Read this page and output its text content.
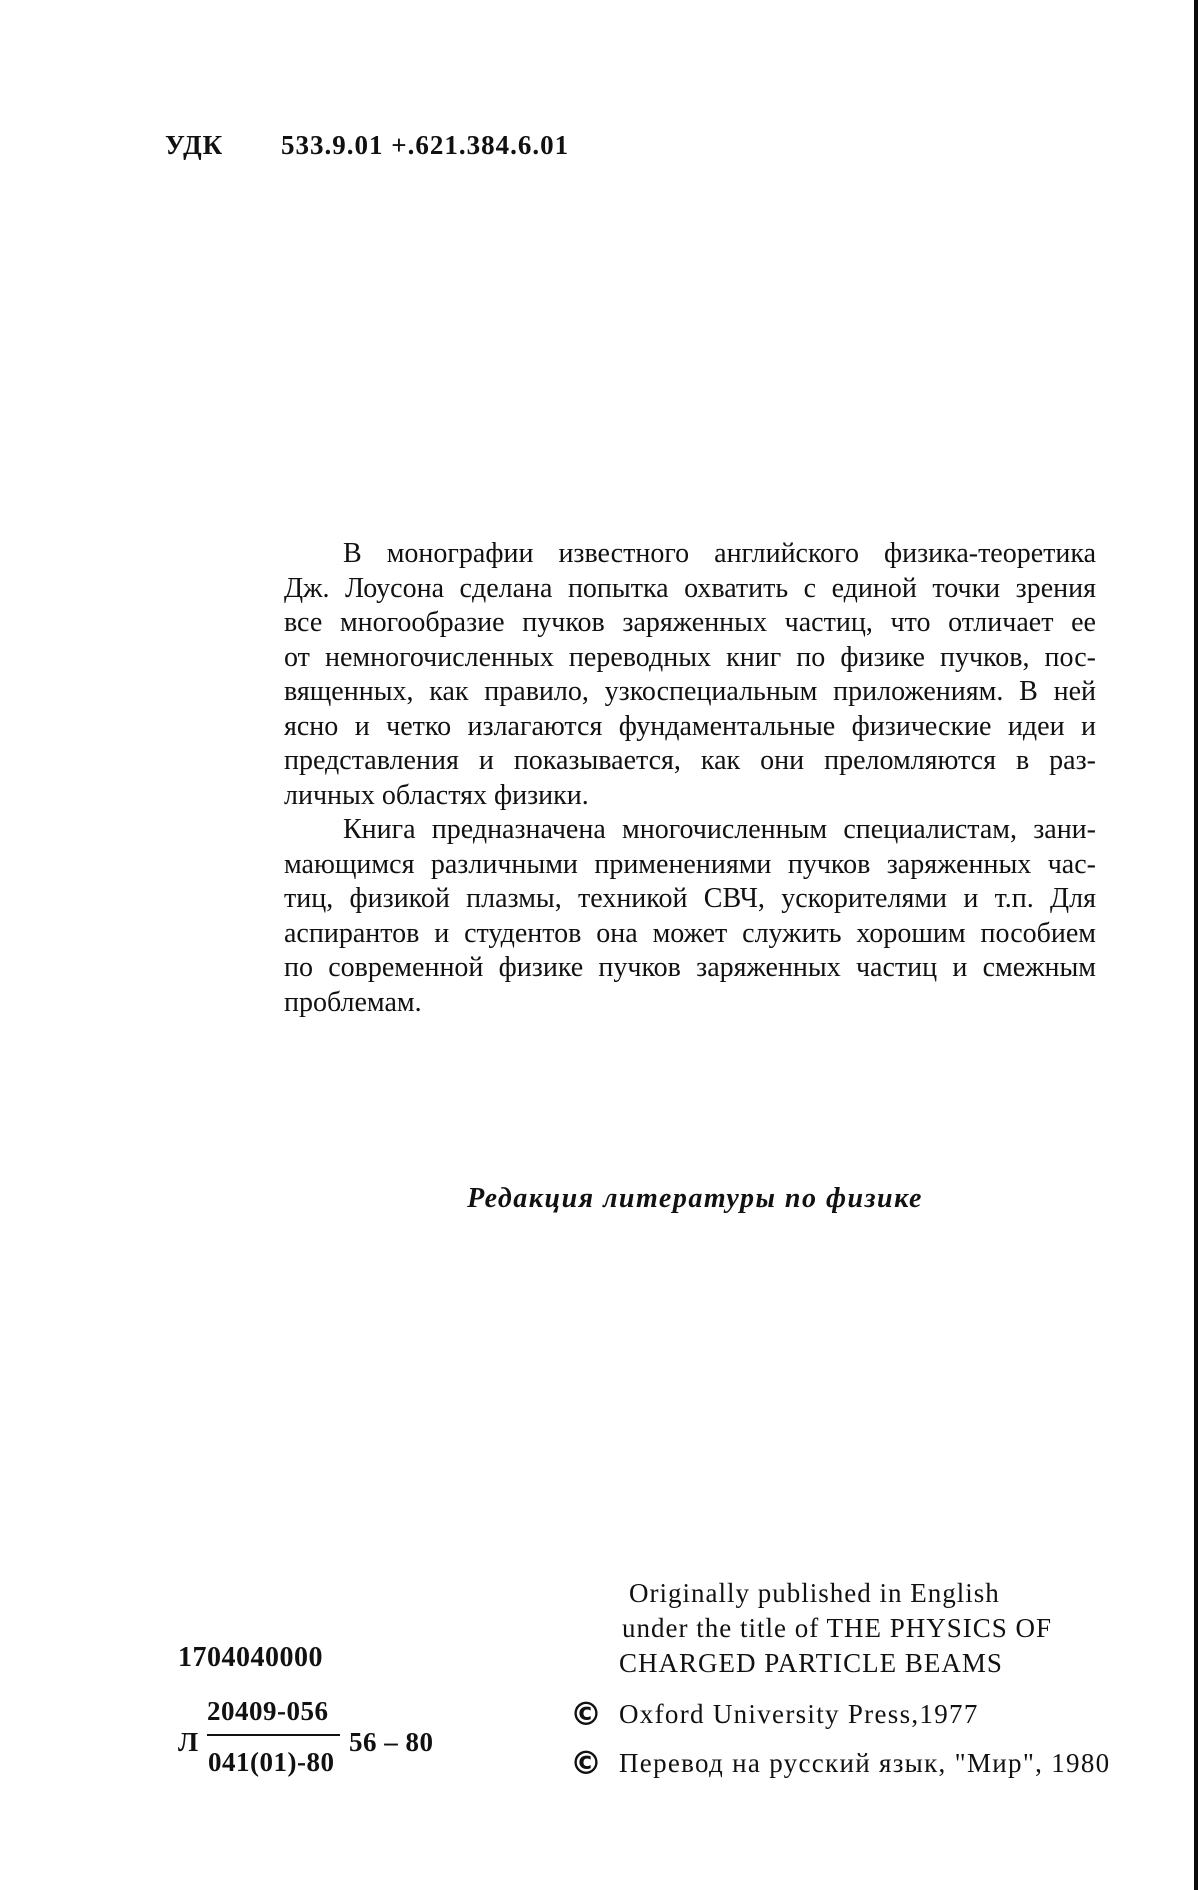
УДК 533.9.01 +.621.384.6.01
В монографии известного английского физика-теоретика
Дж. Лоусона сделана попытка охватить с единой точки зрения
все многообразие пучков заряженных частиц, что отличает ее
от немногочисленных переводных книг по физике пучков, пос-
вященных, как правило, узкоспециальным приложениям. В ней
ясно и четко излагаются фундаментальные физические идеи и
представления и показывается, как они преломляются в раз-
личных областях физики.
Книга предназначена многочисленным специалистам, зани-
мающимся различными применениями пучков заряженных час-
тиц, физикой плазмы, техникой СВЧ, ускорителями и т.п. Для
аспирантов и студентов она может служить хорошим пособием
по современной физике пучков заряженных частиц и смежным
проблемам.
Редакция литературы по физике
Originally published in English
under the title of THE PHYSICS OF
CHARGED PARTICLE BEAMS
1704040000
Л
20409-056
041(01)-80
56 – 80
© Oxford University Press,1977
© Перевод на русский язык, "Мир", 1980
